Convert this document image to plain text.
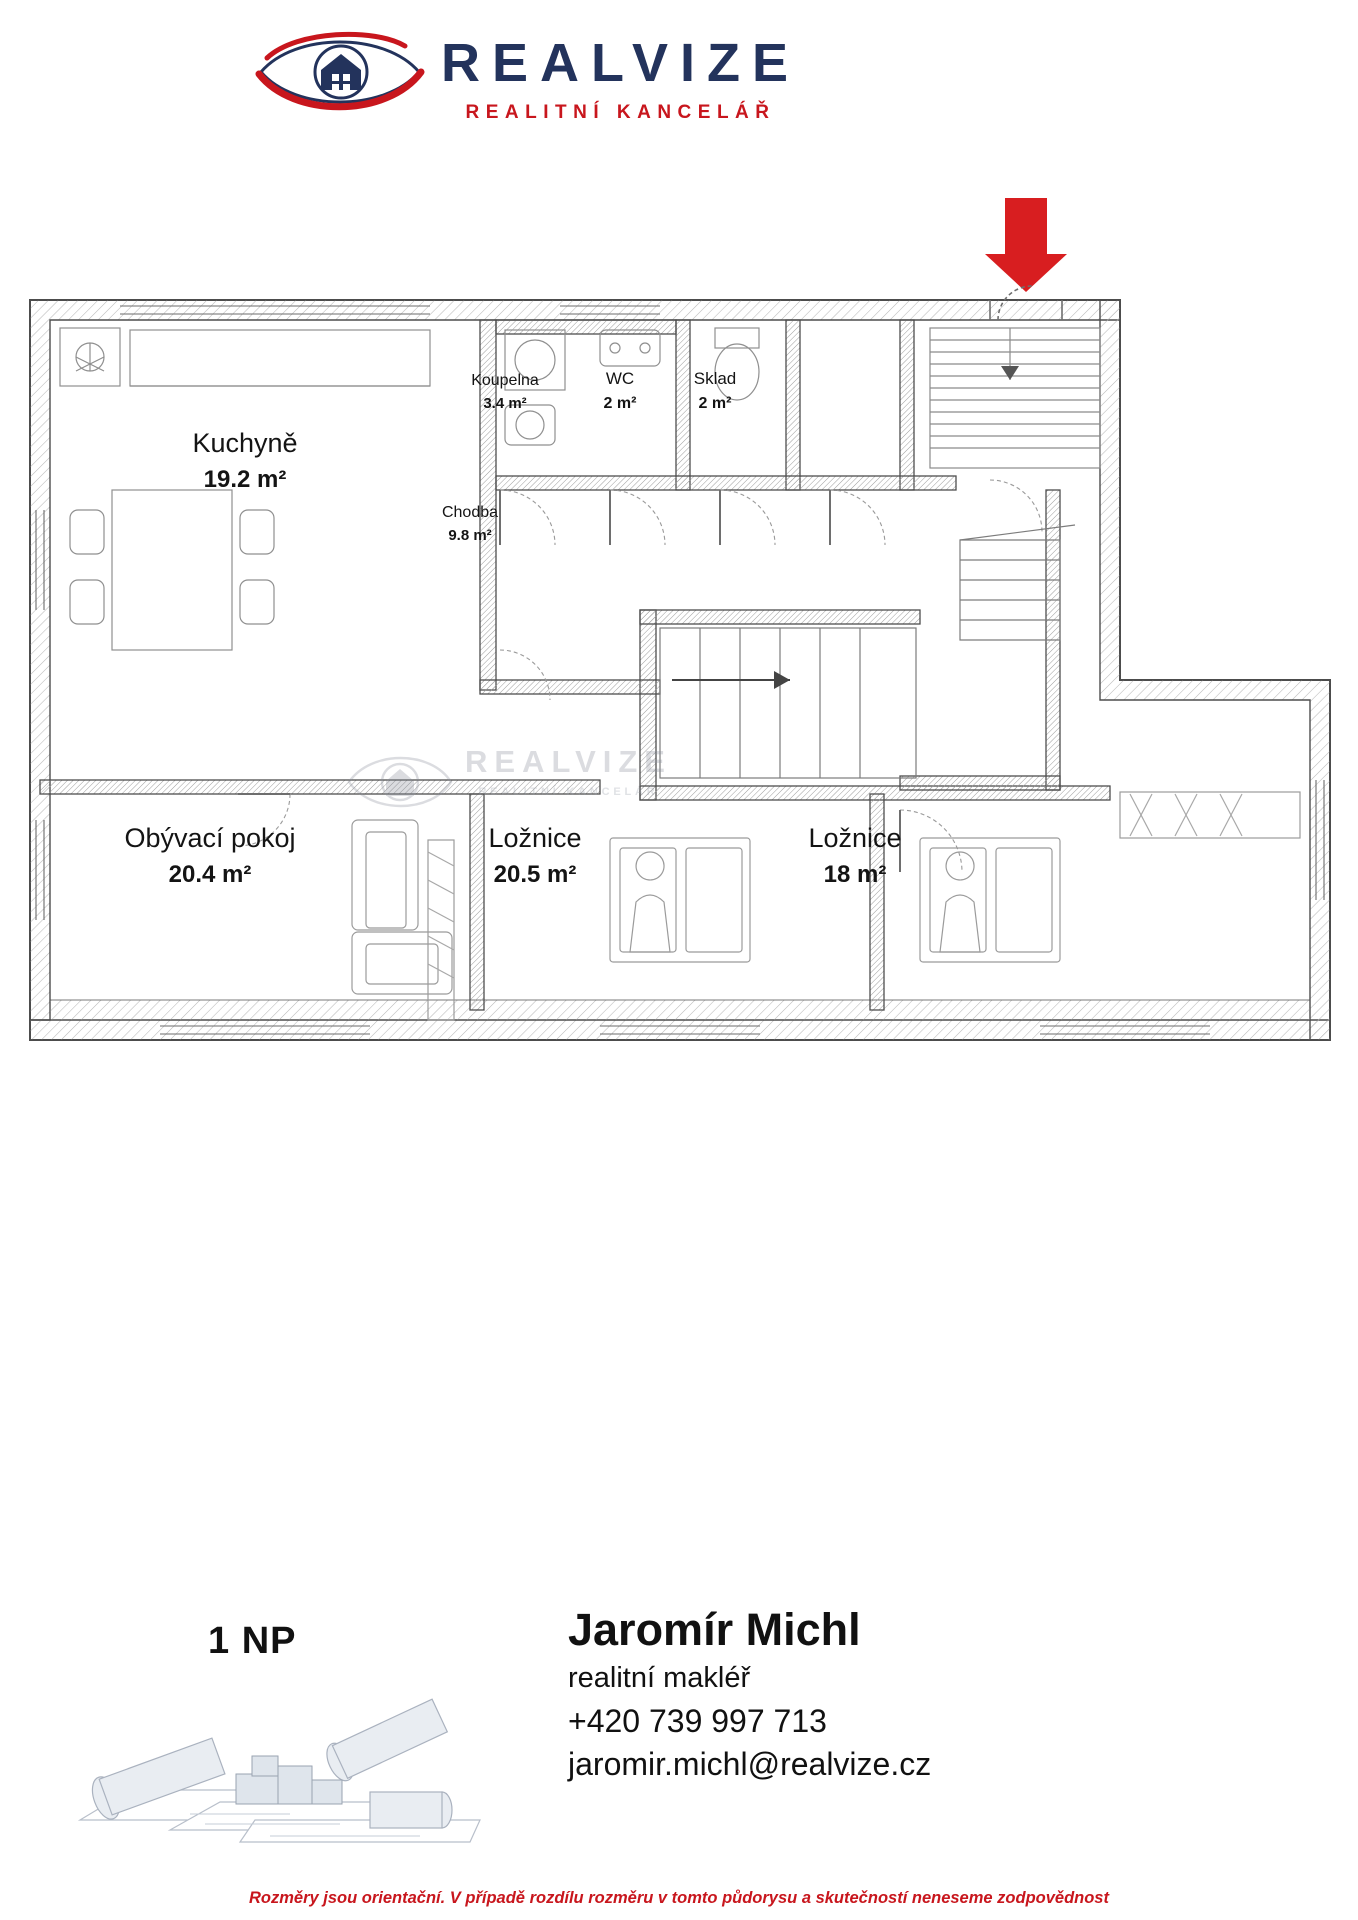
REALVIZE
REALITNÍ KANCELÁŘ
Kuchyně
19.2 m²
Koupelna
3.4 m²
WC
2 m²
Sklad
2 m²
Chodba
9.8 m²
Obývací pokoj
20.4 m²
Ložnice
20.5 m²
Ložnice
18 m²
REALVIZE
REALITNÍ KANCELÁŘ
1 NP	Jaromír Michl
realitní makléř
+420 739 997 713
jaromir.michl@realvize.cz
Rozměry jsou orientační. V případě rozdílu rozměru v tomto půdorysu a skutečností neneseme zodpovědnost
